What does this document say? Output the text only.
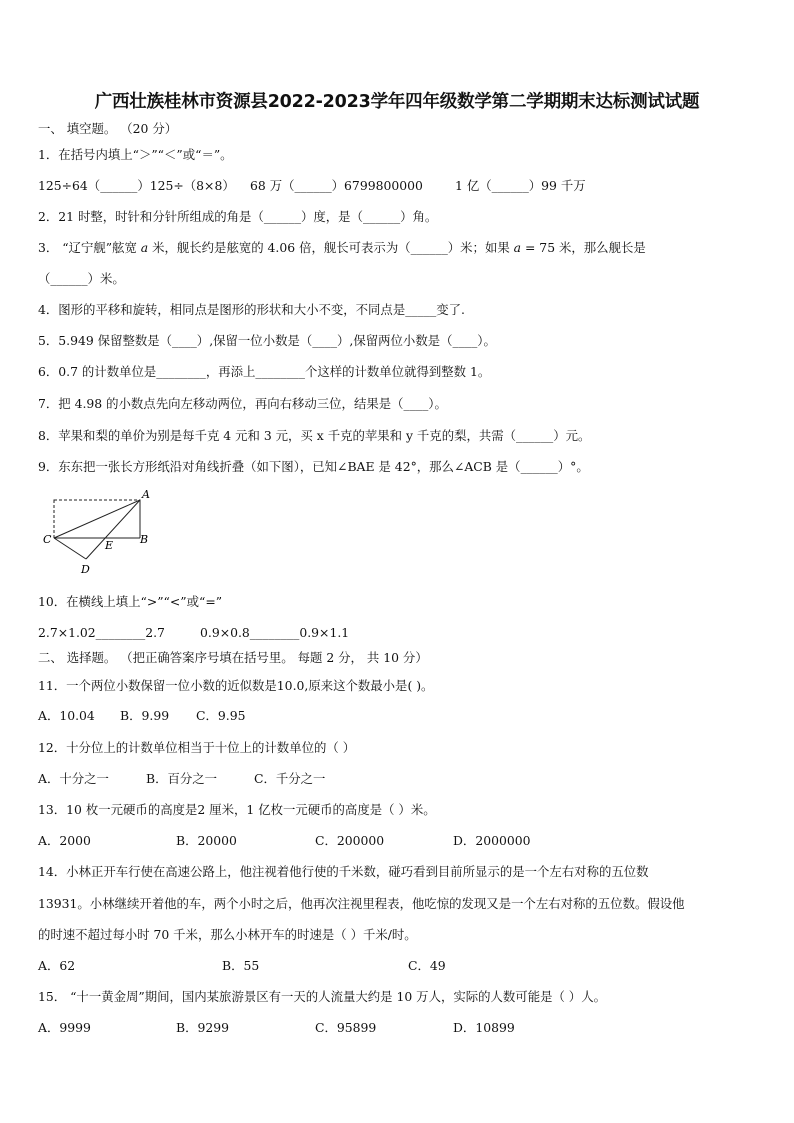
广西壮族桂林市资源县2022-2023学年四年级数学第二学期期末达标测试试题
一、 填空题。 （20 分）
1．在括号内填上“＞”“＜”或“＝”。
125÷64（______）125÷（8×8） 68 万（______）6799800000	1 亿（______）99 千万
2．21 时整，时针和分针所组成的角是（______）度，是（______）角。
3． “辽宁舰”舷宽 𝑎 米，舰长约是舷宽的 4.06 倍，舰长可表示为（______）米；如果 𝑎 = 75 米，那么舰长是
（______）米。
4．图形的平移和旋转，相同点是图形的形状和大小不变，不同点是_____变了.
5．5.949 保留整数是（____）,保留一位小数是（____）,保留两位小数是（____）。
6．0.7 的计数单位是________，再添上________个这样的计数单位就得到整数 1。
7．把 4.98 的小数点先向左移动两位，再向右移动三位，结果是（____）。
8．苹果和梨的单价为别是每千克 4 元和 3 元，买 x 千克的苹果和 y 千克的梨，共需（______）元。
9．东东把一张长方形纸沿对角线折叠（如下图），已知∠BAE 是 42°，那么∠ACB 是（______）°。
A
B
C
D
E
10．在横线上填上“>”“<”或“=”
2.7×1.02________2.7	0.9×0.8________0.9×1.1
二、 选择题。 （把正确答案序号填在括号里。 每题 2 分， 共 10 分）
11．一个两位小数保留一位小数的近似数是10.0,原来这个数最小是( )。
A．10.04 B．9.99 C．9.95
12．十分位上的计数单位相当于十位上的计数单位的（ ）
A．十分之一	B．百分之一	C．千分之一
13．10 枚一元硬币的高度是2 厘米，1 亿枚一元硬币的高度是（ ）米。
A．2000	B．20000	C．200000	D．2000000
14．小林正开车行使在高速公路上，他注视着他行使的千米数，碰巧看到目前所显示的是一个左右对称的五位数
13931。小林继续开着他的车，两个小时之后，他再次注视里程表，他吃惊的发现又是一个左右对称的五位数。假设他
的时速不超过每小时 70 千米，那么小林开车的时速是（ ）千米/时。
A．62	B．55	C．49
15． “十一黄金周”期间，国内某旅游景区有一天的人流量大约是 10 万人，实际的人数可能是（ ）人。
A．9999	B．9299	C．95899	D．10899
